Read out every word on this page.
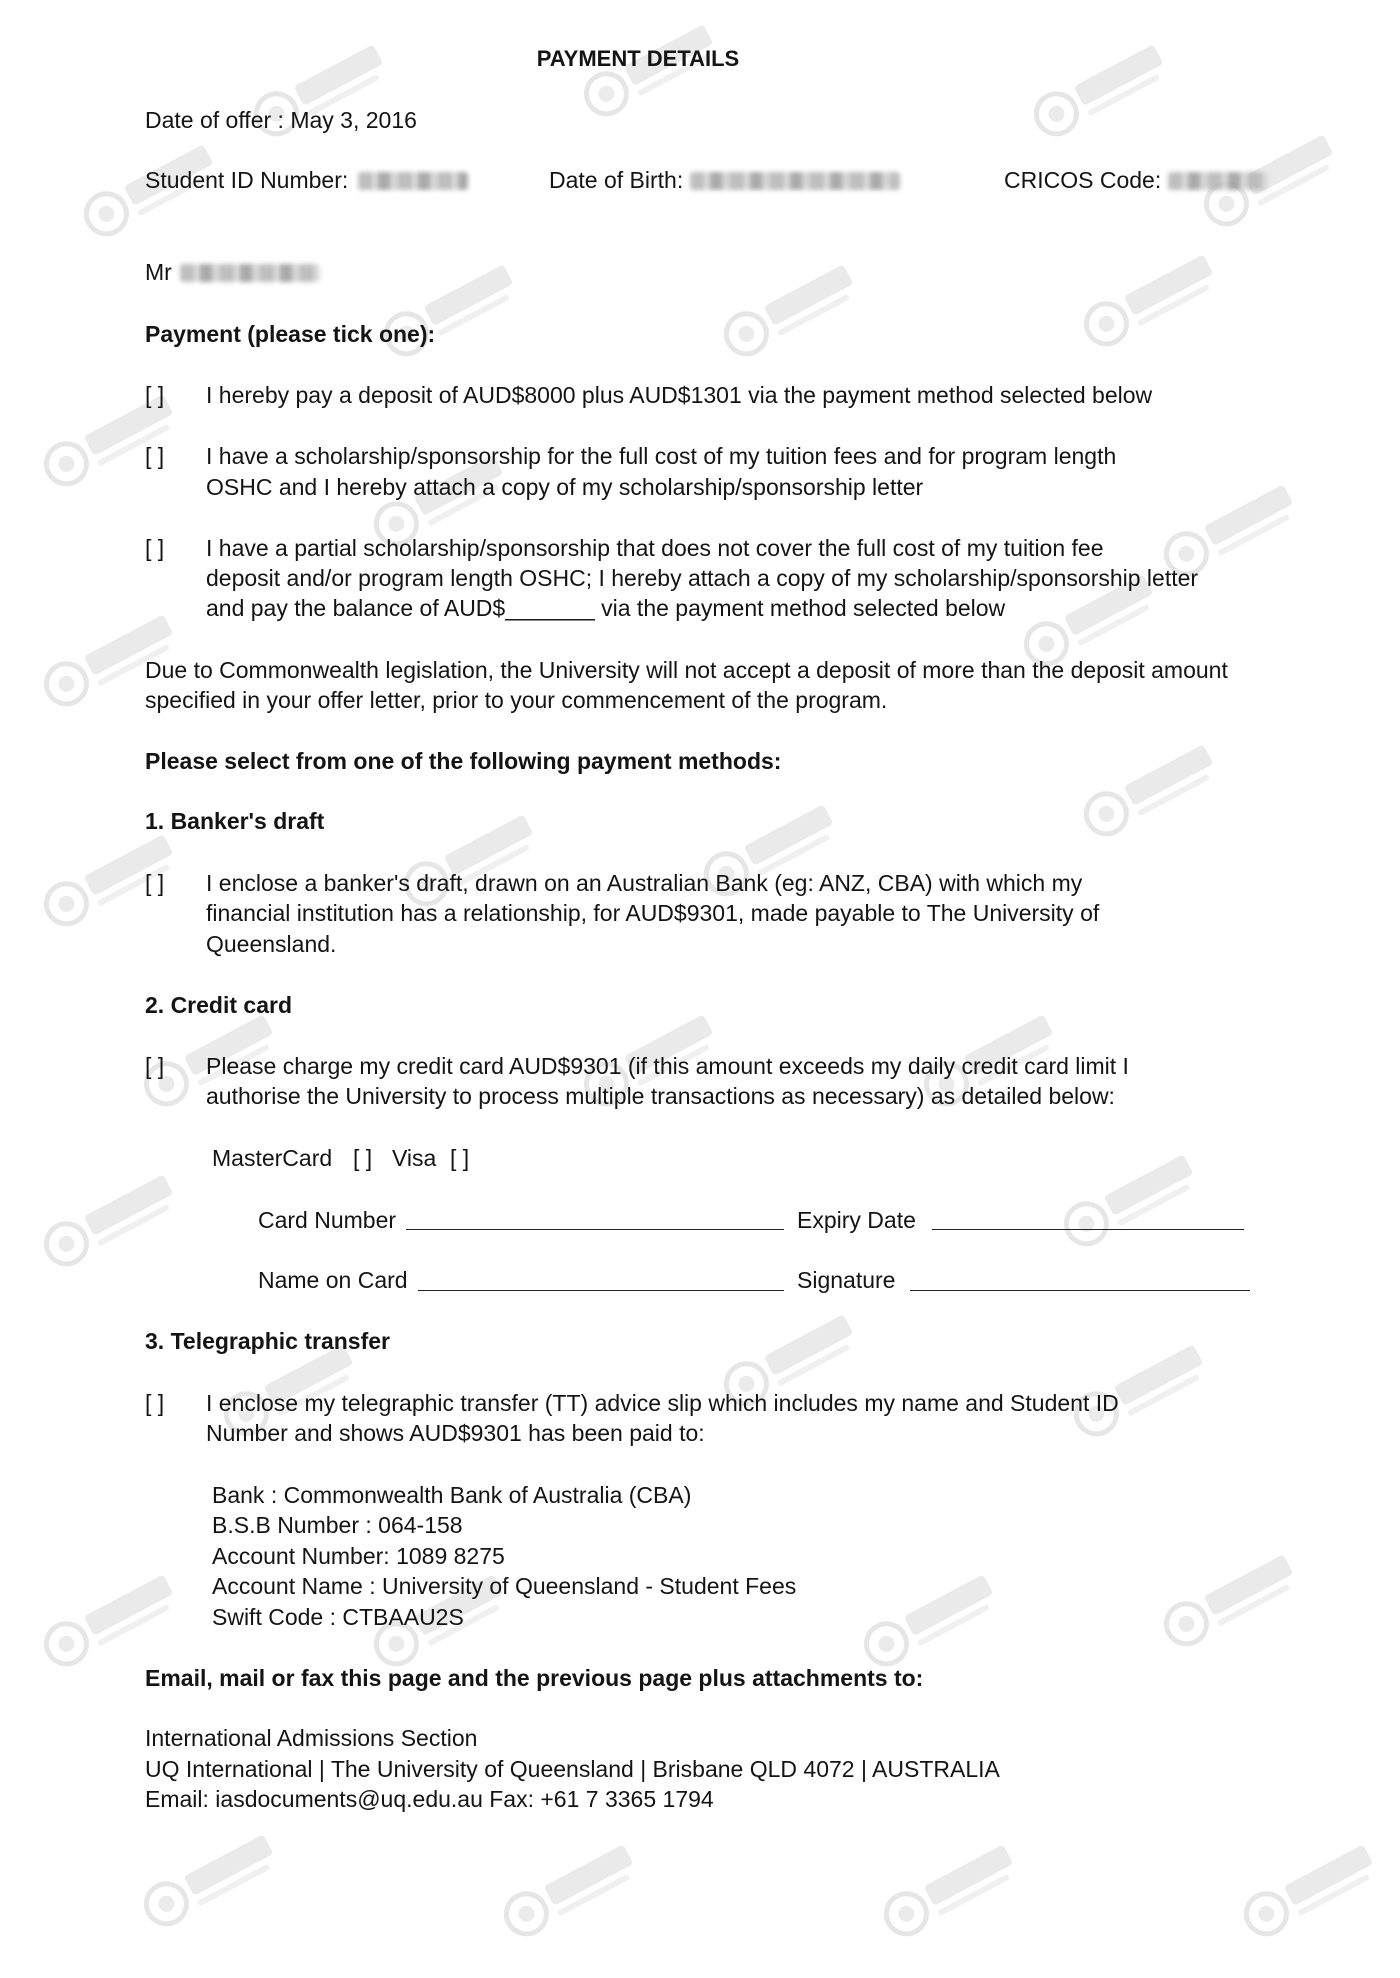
PAYMENT DETAILS
Date of offer : May 3, 2016
Student ID Number:	Date of Birth:	CRICOS Code:
Mr
Payment (please tick one):
[ ] I hereby pay a deposit of AUD$8000 plus AUD$1301 via the payment method selected below
[ ] I have a scholarship/sponsorship for the full cost of my tuition fees and for program length
OSHC and I hereby attach a copy of my scholarship/sponsorship letter
[ ] I have a partial scholarship/sponsorship that does not cover the full cost of my tuition fee
deposit and/or program length OSHC; I hereby attach a copy of my scholarship/sponsorship letter
and pay the balance of AUD$_______ via the payment method selected below
Due to Commonwealth legislation, the University will not accept a deposit of more than the deposit amount
specified in your offer letter, prior to your commencement of the program.
Please select from one of the following payment methods:
1. Banker's draft
[ ] I enclose a banker's draft, drawn on an Australian Bank (eg: ANZ, CBA) with which my
financial institution has a relationship, for AUD$9301, made payable to The University of
Queensland.
2. Credit card
[ ] Please charge my credit card AUD$9301 (if this amount exceeds my daily credit card limit I
authorise the University to process multiple transactions as necessary) as detailed below:
MasterCard [ ] Visa [ ]
Card Number	Expiry Date
Name on Card	Signature
3. Telegraphic transfer
[ ] I enclose my telegraphic transfer (TT) advice slip which includes my name and Student ID
Number and shows AUD$9301 has been paid to:
Bank : Commonwealth Bank of Australia (CBA)
B.S.B Number : 064-158
Account Number: 1089 8275
Account Name : University of Queensland - Student Fees
Swift Code : CTBAAU2S
Email, mail or fax this page and the previous page plus attachments to:
International Admissions Section
UQ International | The University of Queensland | Brisbane QLD 4072 | AUSTRALIA
Email: iasdocuments@uq.edu.au Fax: +61 7 3365 1794
